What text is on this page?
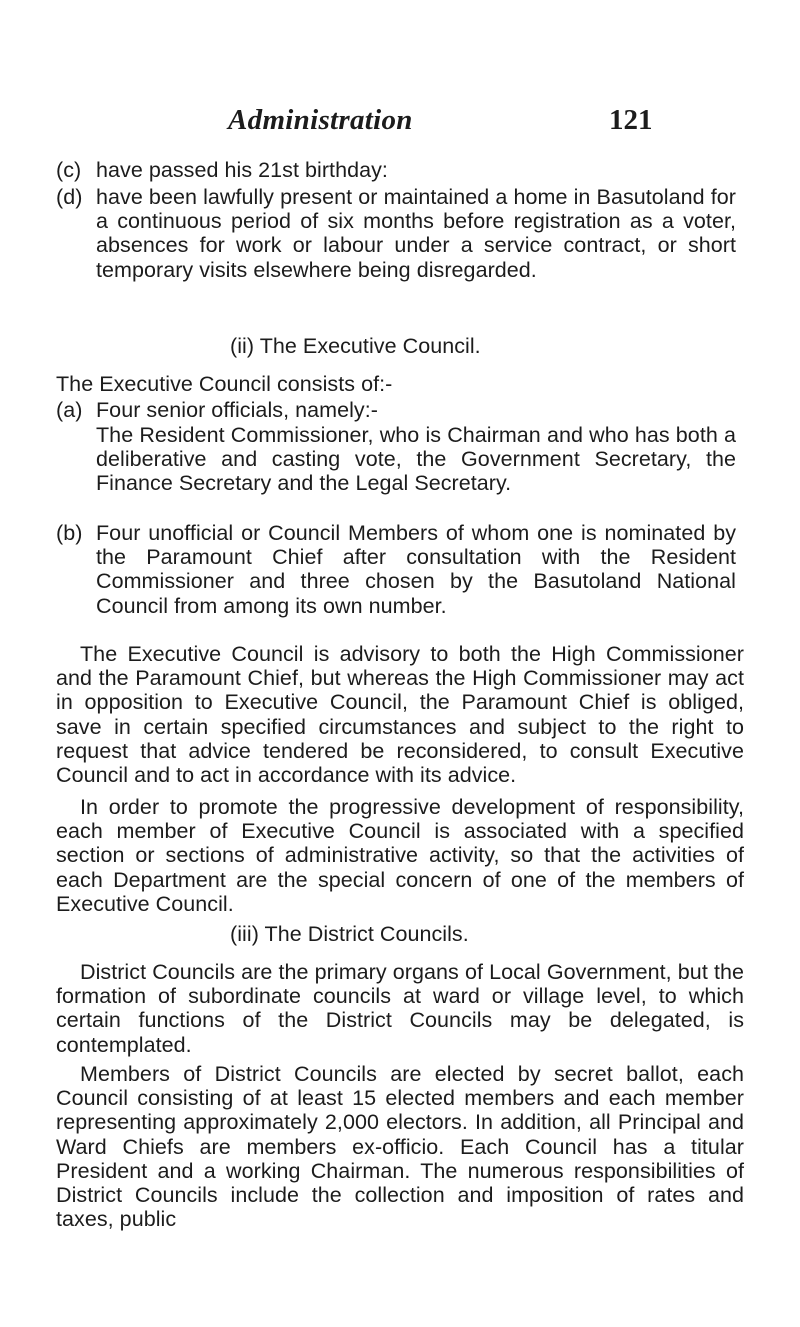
Administration	121
(c) have passed his 21st birthday:
(d) have been lawfully present or maintained a home in Basutoland for a continuous period of six months before registration as a voter, absences for work or labour under a service contract, or short temporary visits elsewhere being disregarded.
(ii) The Executive Council.
The Executive Council consists of:-
(a) Four senior officials, namely:-
The Resident Commissioner, who is Chairman and who has both a deliberative and casting vote, the Government Secretary, the Finance Secretary and the Legal Secretary.
(b) Four unofficial or Council Members of whom one is nominated by the Paramount Chief after consultation with the Resident Commissioner and three chosen by the Basutoland National Council from among its own number.
The Executive Council is advisory to both the High Commissioner and the Paramount Chief, but whereas the High Commissioner may act in opposition to Executive Council, the Paramount Chief is obliged, save in certain specified circumstances and subject to the right to request that advice tendered be reconsidered, to consult Executive Council and to act in accordance with its advice.
In order to promote the progressive development of responsibility, each member of Executive Council is associated with a specified section or sections of administrative activity, so that the activities of each Department are the special concern of one of the members of Executive Council.
(iii) The District Councils.
District Councils are the primary organs of Local Government, but the formation of subordinate councils at ward or village level, to which certain functions of the District Councils may be delegated, is contemplated.
Members of District Councils are elected by secret ballot, each Council consisting of at least 15 elected members and each member representing approximately 2,000 electors. In addition, all Principal and Ward Chiefs are members ex-officio. Each Council has a titular President and a working Chairman. The numerous responsibilities of District Councils include the collection and imposition of rates and taxes, public
